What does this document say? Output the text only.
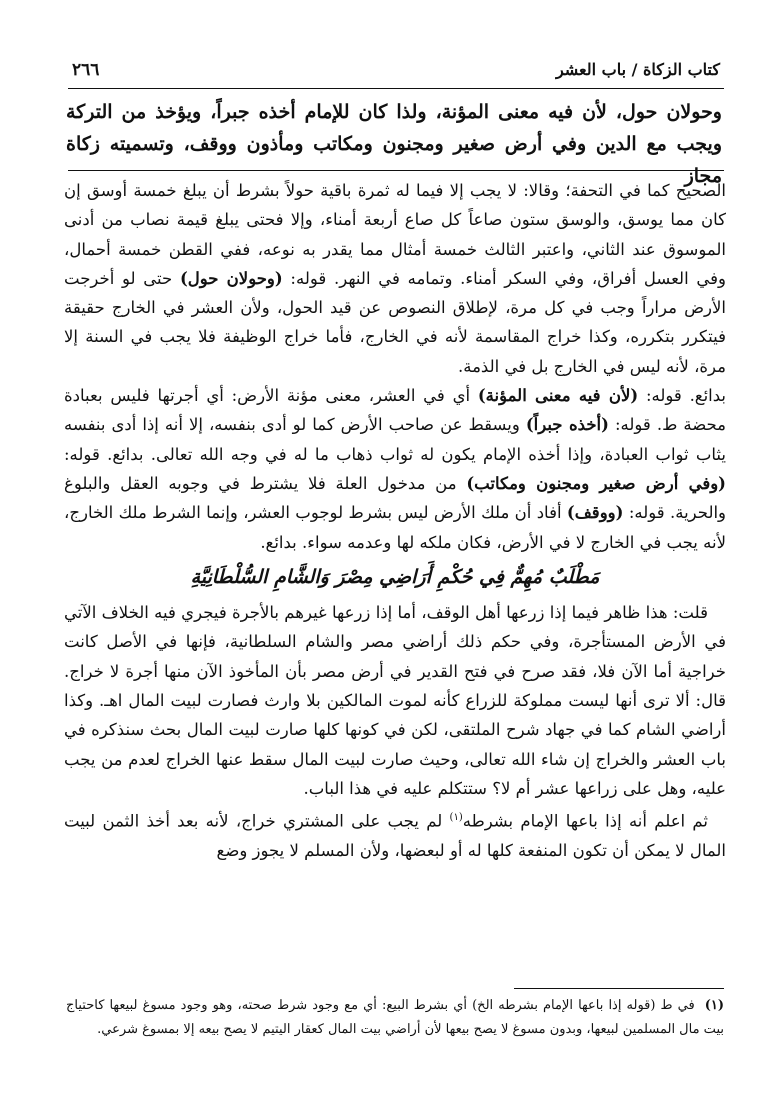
كتاب الزكاة / باب العشر
٢٦٦

وحولان حول، لأن فيه معنى المؤنة، ولذا كان للإمام أخذه جبراً، ويؤخذ من التركة

ويجب مع الدين وفي أرض صغير ومجنون ومكاتب ومأذون ووقف، وتسميته زكاة مجاز

الصحيح كما في التحفة؛ وقالا: لا يجب إلا فيما له ثمرة باقية حولاً بشرط أن يبلغ خمسة أوسق إن كان مما يوسق، والوسق ستون صاعاً كل صاع أربعة أمناء، وإلا فحتى يبلغ قيمة نصاب من أدنى الموسوق عند الثاني، واعتبر الثالث خمسة أمثال مما يقدر به نوعه، ففي القطن خمسة أحمال، وفي العسل أفراق، وفي السكر أمناء. وتمامه في النهر. قوله: (وحولان حول) حتى لو أخرجت الأرض مراراً وجب في كل مرة، لإطلاق النصوص عن قيد الحول، ولأن العشر في الخارج حقيقة فيتكرر بتكرره، وكذا خراج المقاسمة لأنه في الخارج، فأما خراج الوظيفة فلا يجب في السنة إلا مرة، لأنه ليس في الخارج بل في الذمة.

بدائع. قوله: (لأن فيه معنى المؤنة) أي في العشر، معنى مؤنة الأرض: أي أجرتها فليس بعبادة محضة ط. قوله: (أخذه جبراً) ويسقط عن صاحب الأرض كما لو أدى بنفسه، إلا أنه إذا أدى بنفسه يثاب ثواب العبادة، وإذا أخذه الإمام يكون له ثواب ذهاب ما له في وجه الله تعالى. بدائع. قوله: (وفي أرض صغير ومجنون ومكاتب) من مدخول العلة فلا يشترط في وجوبه العقل والبلوغ والحرية. قوله: (ووقف) أفاد أن ملك الأرض ليس بشرط لوجوب العشر، وإنما الشرط ملك الخارج، لأنه يجب في الخارج لا في الأرض، فكان ملكه لها وعدمه سواء. بدائع.

مَطْلَبٌ مُهِمٌّ فِي حُكْمِ أَرَاضِي مِصْرَ وَالشَّامِ السُّلْطَانِيَّةِ

قلت: هذا ظاهر فيما إذا زرعها أهل الوقف، أما إذا زرعها غيرهم بالأجرة فيجري فيه الخلاف الآتي في الأرض المستأجرة، وفي حكم ذلك أراضي مصر والشام السلطانية، فإنها في الأصل كانت خراجية أما الآن فلا، فقد صرح في فتح القدير في أرض مصر بأن المأخوذ الآن منها أجرة لا خراج. قال: ألا ترى أنها ليست مملوكة للزراع كأنه لموت المالكين بلا وارث فصارت لبيت المال اهـ. وكذا أراضي الشام كما في جهاد شرح الملتقى، لكن في كونها كلها صارت لبيت المال بحث سنذكره في باب العشر والخراج إن شاء الله تعالى، وحيث صارت لبيت المال سقط عنها الخراج لعدم من يجب عليه، وهل على زراعها عشر أم لا؟ ستتكلم عليه في هذا الباب.

ثم اعلم أنه إذا باعها الإمام بشرطه$^{(١)}$ لم يجب على المشتري خراج، لأنه بعد أخذ الثمن لبيت المال لا يمكن أن تكون المنفعة كلها له أو لبعضها، ولأن المسلم لا يجوز وضع

(١)في ط (قوله إذا باعها الإمام بشرطه الخ) أي بشرط البيع: أي مع وجود شرط صحته، وهو وجود مسوغ لبيعها كاحتياج بيت مال المسلمين لبيعها، وبدون مسوغ لا يصح بيعها لأن أراضي بيت المال كعقار اليتيم لا يصح بيعه إلا بمسوغ شرعي.
